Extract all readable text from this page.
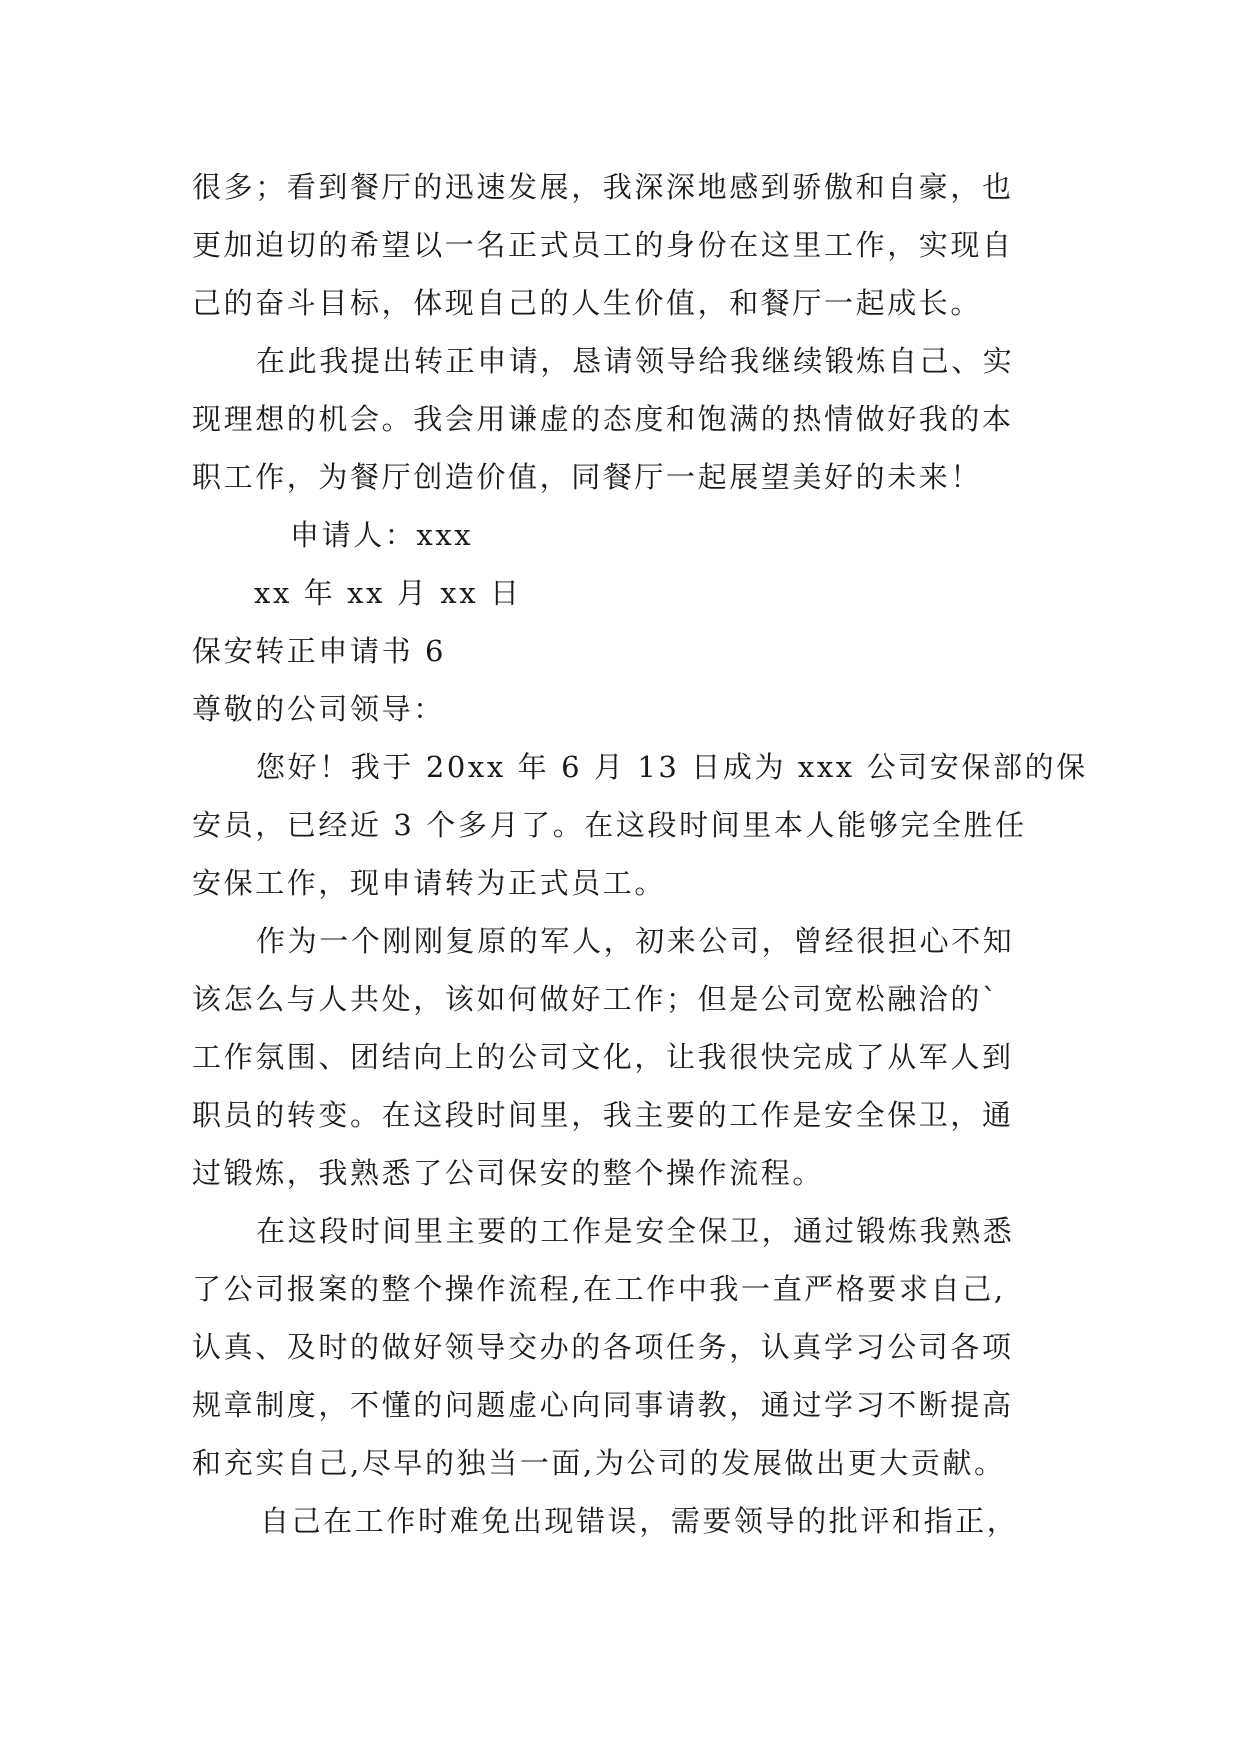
很多；看到餐厅的迅速发展，我深深地感到骄傲和自豪，也
更加迫切的希望以一名正式员工的身份在这里工作，实现自
己的奋斗目标，体现自己的人生价值，和餐厅一起成长。
在此我提出转正申请，恳请领导给我继续锻炼自己、实
现理想的机会。我会用谦虚的态度和饱满的热情做好我的本
职工作，为餐厅创造价值，同餐厅一起展望美好的未来！
申请人：xxx
xx 年 xx 月 xx 日
保安转正申请书 6
尊敬的公司领导：
您好！我于 20xx 年 6 月 13 日成为 xxx 公司安保部的保
安员，已经近 3 个多月了。在这段时间里本人能够完全胜任
安保工作，现申请转为正式员工。
作为一个刚刚复原的军人，初来公司，曾经很担心不知
该怎么与人共处，该如何做好工作；但是公司宽松融洽的`
工作氛围、团结向上的公司文化，让我很快完成了从军人到
职员的转变。在这段时间里，我主要的工作是安全保卫，通
过锻炼，我熟悉了公司保安的整个操作流程。
在这段时间里主要的工作是安全保卫，通过锻炼我熟悉
了公司报案的整个操作流程,在工作中我一直严格要求自己,
认真、及时的做好领导交办的各项任务，认真学习公司各项
规章制度，不懂的问题虚心向同事请教，通过学习不断提高
和充实自己,尽早的独当一面,为公司的发展做出更大贡献。
自己在工作时难免出现错误，需要领导的批评和指正，
